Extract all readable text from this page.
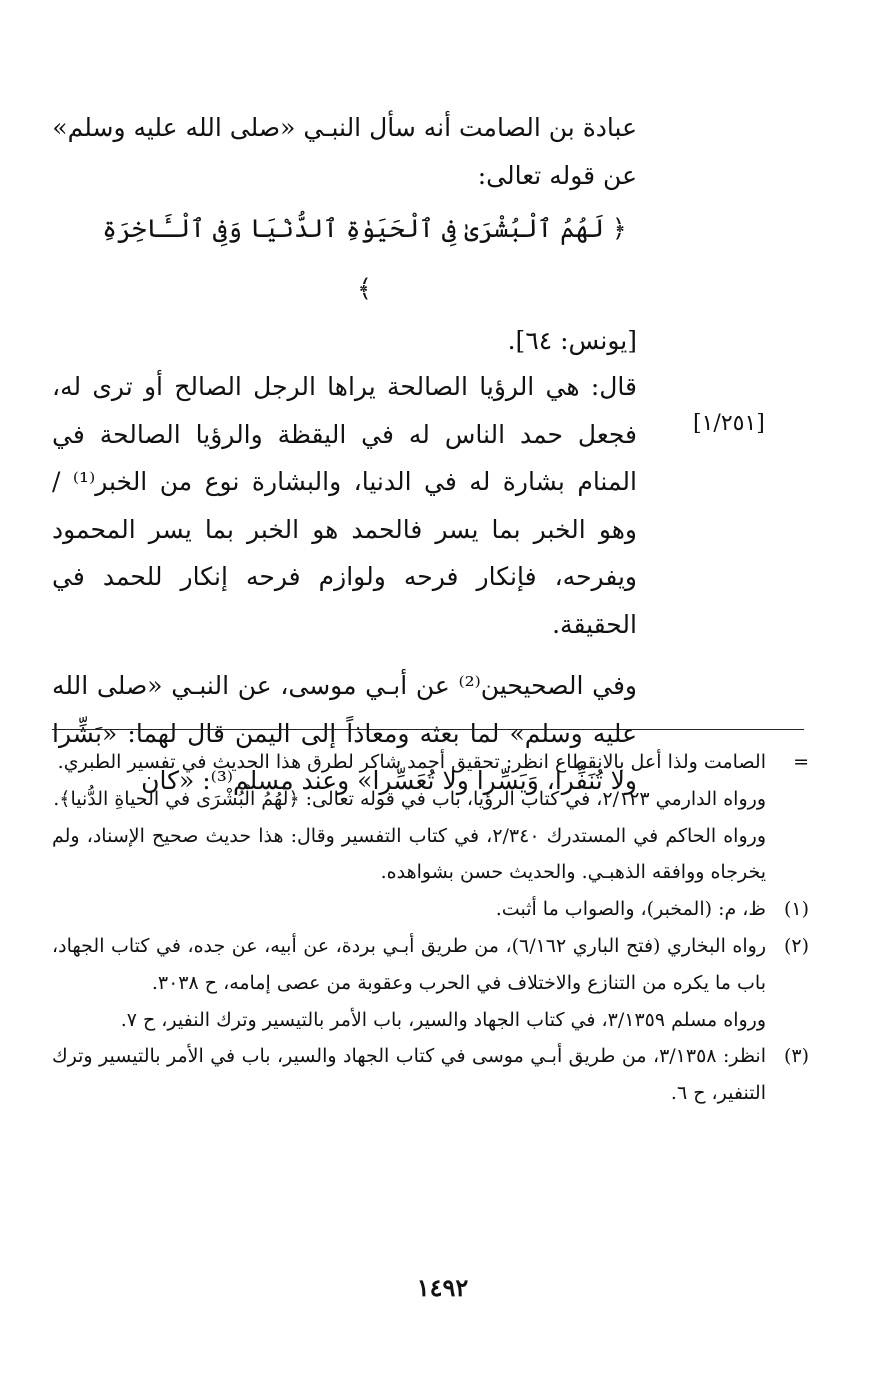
عبادة بن الصامت أنه سأل النبـي «صلى الله عليه وسلم»
عن قوله تعالى:

﴿ لَهُمُ ٱلْبُشْرَىٰ فِى ٱلْحَيَوٰةِ ٱلدُّنْيَا وَفِى ٱلْـَٔاخِرَةِ ﴾

[يونس: ٦٤].

قال: هي الرؤيا الصالحة يراها الرجل الصالح أو ترى له، فجعل حمد الناس له في اليقظة والرؤيا الصالحة في المنام بشارة له في الدنيا، والبشارة نوع من الخبر⁽¹⁾ / وهو الخبر بما يسر فالحمد هو الخبر بما يسر المحمود ويفرحه، فإنكار فرحه ولوازم فرحه إنكار للحمد في الحقيقة.

وفي الصحيحين⁽²⁾ عن أبـي موسى، عن النبـي «صلى الله عليه وسلم» لما بعثه ومعاذاً إلى اليمن قال لهما: «بَشِّرا ولا تُنَفِّرا، وَيَسِّرا ولا تُعَسِّرا» وعند مسلم⁽³⁾: «كان

[١/٢٥١]
=
الصامت ولذا أعل بالانقطاع انظر: تحقيق أحمد شاكر لطرق هذا الحديث في تفسير الطبري.
ورواه الدارمي ٢/١٢٣، في كتاب الرؤيا، باب في قوله تعالى: ﴿لَهُمُ الْبُشْرَى في الحياةِ الدُّنيا﴾.
ورواه الحاكم في المستدرك ٢/٣٤٠، في كتاب التفسير وقال: هذا حديث صحيح الإسناد، ولم يخرجاه ووافقه الذهبـي. والحديث حسن بشواهده.
(١)
ظ، م: (المخبر)، والصواب ما أثبت.
(٢)
رواه البخاري (فتح الباري ٦/١٦٢)، من طريق أبـي بردة، عن أبيه، عن جده، في كتاب الجهاد، باب ما يكره من التنازع والاختلاف في الحرب وعقوبة من عصى إمامه، ح ٣٠٣٨.
ورواه مسلم ٣/١٣٥٩، في كتاب الجهاد والسير، باب الأمر بالتيسير وترك النفير، ح ٧.
(٣)
انظر: ٣/١٣٥٨، من طريق أبـي موسى في كتاب الجهاد والسير، باب في الأمر بالتيسير وترك التنفير، ح ٦.
١٤٩٢
